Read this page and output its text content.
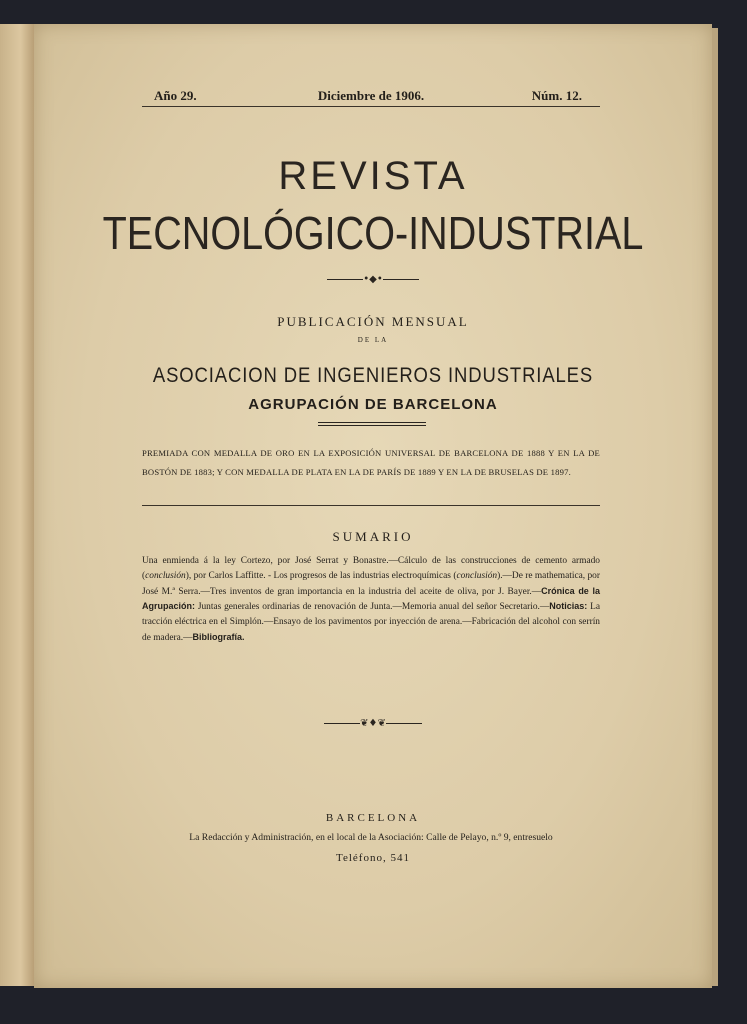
Año 29.	Diciembre de 1906.	Núm. 12.
REVISTA
TECNOLÓGICO-INDUSTRIAL
•◆•
PUBLICACIÓN MENSUAL
DE LA
ASOCIACION DE INGENIEROS INDUSTRIALES
AGRUPACIÓN DE BARCELONA
PREMIADA CON MEDALLA DE ORO EN LA EXPOSICIÓN UNIVERSAL DE BARCELONA DE 1888 Y EN LA DE BOSTÓN DE 1883; Y CON MEDALLA DE PLATA EN LA DE PARÍS DE 1889 Y EN LA DE BRUSELAS DE 1897.
SUMARIO
Una enmienda á la ley Cortezo, por José Serrat y Bonastre.—Cálculo de las construcciones de cemento armado (conclusión), por Carlos Laffitte. - Los progresos de las industrias electroquímicas (conclusión).—De re mathematica, por José M.ª Serra.—Tres inventos de gran importancia en la industria del aceite de oliva, por J. Bayer.—Crónica de la Agrupación: Juntas generales ordinarias de renovación de Junta.—Memoria anual del señor Secretario.—Noticias: La tracción eléctrica en el Simplón.—Ensayo de los pavimentos por inyección de arena.—Fabricación del alcohol con serrín de madera.—Bibliografía.
❦♦❦
BARCELONA
La Redacción y Administración, en el local de la Asociación: Calle de Pelayo, n.º 9, entresuelo
Teléfono, 541
